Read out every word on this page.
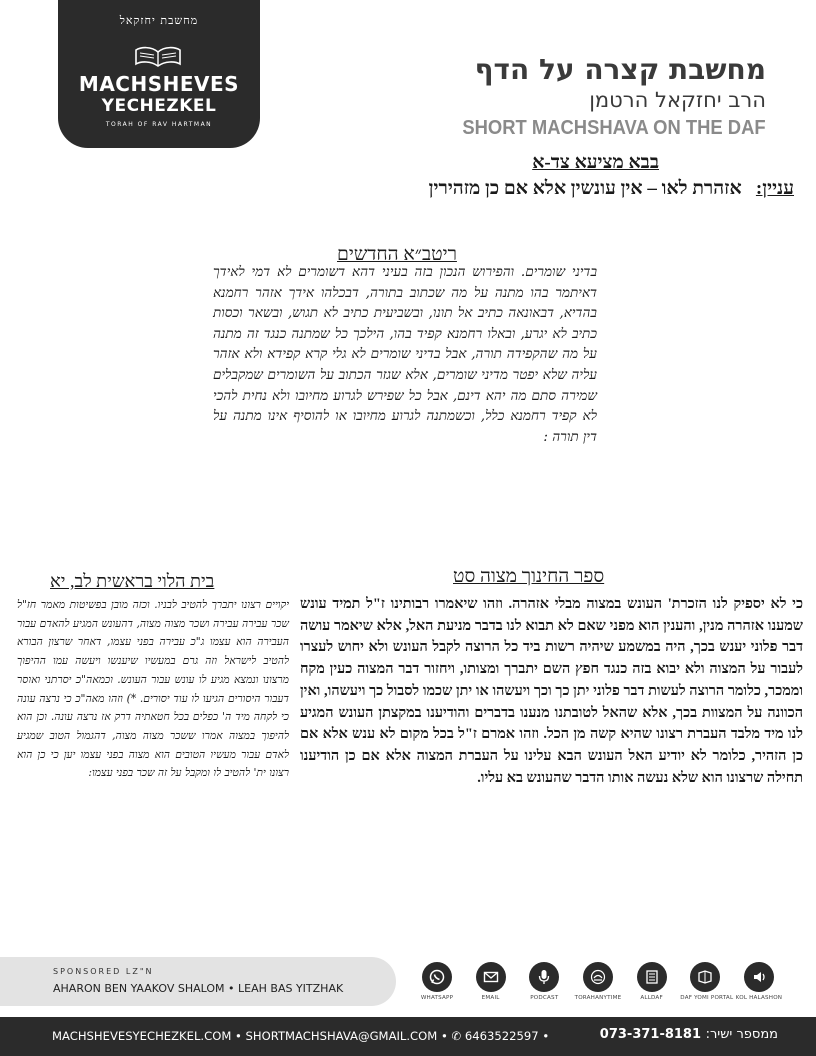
מחשבת יחזקאל
MACHSHEVES
YECHEZKEL
TORAH OF RAV HARTMAN
מחשבת קצרה על הדף
הרב יחזקאל הרטמן
SHORT MACHSHAVA ON THE DAF
בבא מציעא צד-א
עניין:   אזהרת לאו – אין עונשין אלא אם כן מזהירין
ריטב״א החדשים
בדיני שומרים. והפירוש הנכון בזה בעיני דהא דשומרים לא דמי לאידך דאיתמר בהו מתנה על מה שכתוב בתורה, דבכלהו אידך אזהר רחמנא בהדיא, דבאונאה כתיב אל תונו, ובשביעית כתיב לא תגוש, ובשאר וכסות כתיב לא יגרע, ובאלו רחמנא קפיד בהו, הילכך כל שמתנה כנגד זה מתנה על מה שהקפידה תורה, אבל בדיני שומרים לא גלי קרא קפידא ולא אזהר עליה שלא יפטר מדיני שומרים, אלא שגזר הכתוב על השומרים שמקבלים שמירה סתם מה יהא דינם, אבל כל שפירש לגרוע מחיובו ולא נחית להכי לא קפיד רחמנא כלל, וכשמתנה לגרוע מחיובו או להוסיף אינו מתנה על דין תורה :
ספר החינוך מצוה סט
כי לא יספיק לנו הזכרת' העונש במצוה מבלי אזהרה. וזהו שיאמרו רבותינו ז"ל תמיד עונש שמענו אזהרה מנין, והענין הוא מפני שאם לא תבוא לנו בדבר מניעת האל, אלא שיאמר עושה דבר פלוני יענש בכך, היה במשמע שיהיה רשות ביד כל הרוצה לקבל העונש ולא יחוש לעצרו לעבור על המצוה ולא יבוא בזה כנגד חפץ השם יתברך ומצותו, ויחזור דבר המצוה כעין מקח וממכר, כלומר הרוצה לעשות דבר פלוני יתן כך וכך ויעשהו או יתן שכמו לסבול כך ויעשהו, ואין הכוונה על המצוות בכך, אלא שהאל לטובתנו מנענו בדברים והודיענו במקצתן העונש המגיע לנו מיד מלבד העברת רצונו שהיא קשה מן הכל. וזהו אמרם ז"ל בכל מקום לא ענש אלא אם כן הזהיר, כלומר לא יודיע האל העונש הבא עלינו על העברת המצוה אלא אם כן הודיענו תחילה שרצונו הוא שלא נעשה אותו הדבר שהעונש בא עליו.
בית הלוי בראשית לב, יא
יקויים רצונו יתברך להטיב לבניו. וכזה מובן בפשיטות מאמר חז"ל שכר עבירה עבירה ושכר מצוה מצוה, דהעונש המגיע להאדם עבור העבירה הוא עצמו ג"כ עבירה בפני עצמו, דאחר שרצון הבורא להטיב לישראל וזה גרם במעשיו שיענשו ויעשה עמו ההיפוך מרצונו ונמצא מגיע לו עונש עבור העונש. וכמאה"כ יסרתני ואוסר דעבור היסורים הגיעו לו עוד יסורים. *) וזהו מאה"כ כי נרצה עונה כי לקחה מיד ה' כפלים בכל חטאתיה דרק אז נרצה עונה. וכן הוא להיפוך במצוה אמרו ששכר מצוה מצוה, דהגמול הטוב שמגיע לאדם עבור מעשיו הטובים הוא מצוה בפני עצמו יען כי כן הוא רצונו ית' להטיב לו ומקבל על זה שכר בפני עצמו:
SPONSORED LZ"N
AHARON BEN YAAKOV SHALOM • LEAH BAS YITZHAK
WHATSAPP	EMAIL	PODCAST	TORAHANYTIME	ALLDAF	DAF YOMI PORTAL KOL HALASHON
MACHSHEVESYECHEZKEL.COM • SHORTMACHSHAVA@GMAIL.COM • ✆ 6463522597 •	ממספר ישיר: 073-371-8181
